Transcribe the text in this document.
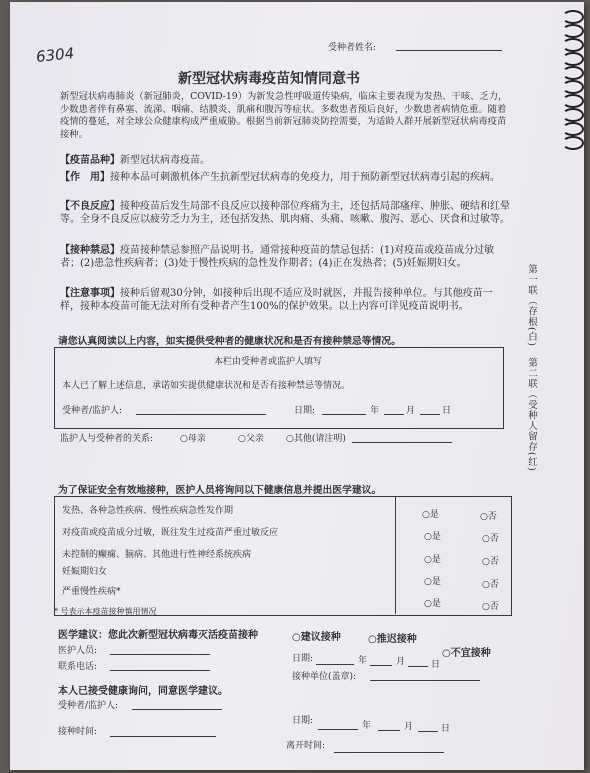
6304	受种者姓名:
新型冠状病毒疫苗知情同意书
新型冠状病毒肺炎（新冠肺炎，COVID-19）为新发急性呼吸道传染病，临床主要表现为发热、干咳、乏力，少数患者伴有鼻塞、流涕、咽痛、结膜炎、肌痛和腹泻等症状。多数患者预后良好，少数患者病情危重。随着疫情的蔓延，对全球公众健康构成严重威胁。根据当前新冠肺炎防控需要，为适龄人群开展新型冠状病毒疫苗接种。
【疫苗品种】新型冠状病毒疫苗。
【作　用】接种本品可刺激机体产生抗新型冠状病毒的免疫力，用于预防新型冠状病毒引起的疾病。
【不良反应】接种疫苗后发生局部不良反应以接种部位疼痛为主，还包括局部瘙痒、肿胀、硬结和红晕等。全身不良反应以疲劳乏力为主，还包括发热、肌肉痛、头痛、咳嗽、腹泻、恶心、厌食和过敏等。
【接种禁忌】疫苗接种禁忌参照产品说明书。通常接种疫苗的禁忌包括：(1)对疫苗或疫苗成分过敏者；(2)患急性疾病者；(3)处于慢性疾病的急性发作期者；(4)正在发热者；(5)妊娠期妇女。
【注意事项】接种后留观30分钟，如接种后出现不适应及时就医，并报告接种单位。与其他疫苗一样，接种本疫苗可能无法对所有受种者产生100%的保护效果。以上内容可详见疫苗说明书。
请您认真阅读以上内容，如实提供受种者的健康状况和是否有接种禁忌等情况。
本栏由受种者或监护人填写
本人已了解上述信息，承诺如实提供健康状况和是否有接种禁忌等情况。
受种者/监护人:	日期:	年	月	日
监护人与受种者的关系:	○母亲	○父亲 ○其他(请注明)
为了保证安全有效地接种，医护人员将询问以下健康信息并提出医学建议。
发热、各种急性疾病、慢性疾病急性发作期	○是	○否
对疫苗或疫苗成分过敏，既往发生过疫苗严重过敏反应	○是	○否
未控制的癫痫、脑病、其他进行性神经系统疾病	○是	○否
妊娠期妇女
○是	○否
严重慢性疾病*
○是	○否
* 号表示本疫苗接种慎用情况
医学建议：您此次新型冠状病毒灭活疫苗接种	○建议接种	○推迟接种
○不宜接种
医护人员:
日期:	年	月	日
联系电话:
接种单位(盖章):
本人已接受健康询问，同意医学建议。
受种者/监护人:
日期:	年	月	日
接种时间:
离开时间:
第一联（存根(白)　第二联（受种人留存(红)
